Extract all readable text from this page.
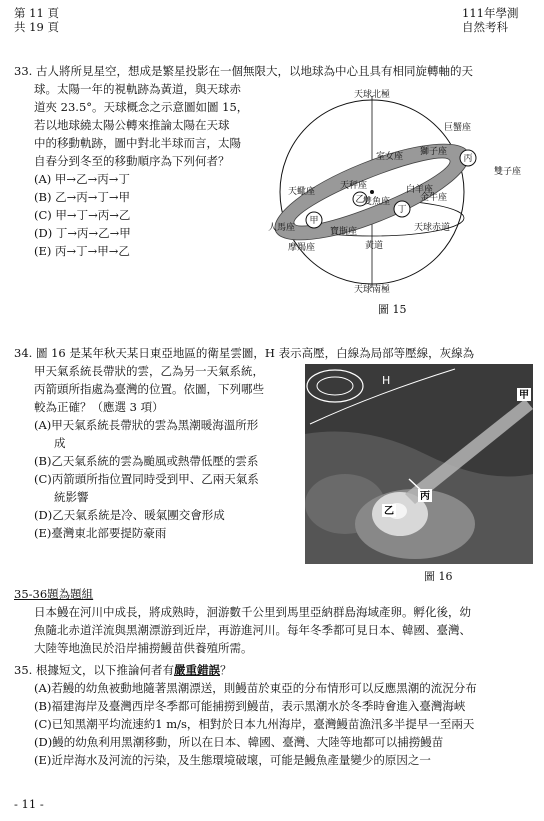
第 11 頁
共 19 頁
111年學測
自然考科
33. 古人將所見星空，想成是繁星投影在一個無限大，以地球為中心且具有相同旋轉軸的天
球。太陽一年的視軌跡為黃道，與天球赤
道夾 23.5°。天球概念之示意圖如圖 15，
若以地球繞太陽公轉來推論太陽在天球
中的移動軌跡，圖中對北半球而言，太陽
自春分到冬至的移動順序為下列何者？
(A) 甲→乙→丙→丁
(B) 乙→丙→丁→甲
(C) 甲→丁→丙→乙
(D) 丁→丙→乙→甲
(E) 丙→丁→甲→乙
天球北極
天球南極
巨蟹座
雙子座
室女座 獅子座
天蠍座
天秤座
雙魚座
白羊座
金牛座
人馬座	寶瓶座
摩羯座	黃道
天球赤道
甲
丙
丁
乙
圖 15
34. 圖 16 是某年秋天某日東亞地區的衛星雲圖，H 表示高壓，白線為局部等壓線，灰線為
甲天氣系統長帶狀的雲，乙為另一天氣系統，
丙箭頭所指處為臺灣的位置。依圖，下列哪些
較為正確？（應選 3 項）
(A)甲天氣系統長帶狀的雲為黑潮暖海溫所形
成
(B)乙天氣系統的雲為颱風或熱帶低壓的雲系
(C)丙箭頭所指位置同時受到甲、乙兩天氣系
統影響
(D)乙天氣系統是冷、暖氣團交會形成
(E)臺灣東北部要提防豪雨
H
甲
丙
乙
圖 16
35-36題為題組
日本鰻在河川中成長，將成熟時，洄游數千公里到馬里亞納群島海域產卵。孵化後，幼
魚隨北赤道洋流與黑潮漂游到近岸，再游進河川。每年冬季都可見日本、韓國、臺灣、
大陸等地漁民於沿岸捕撈鰻苗供養殖所需。
35. 根據短文，以下推論何者有嚴重錯誤？
(A)若鰻的幼魚被動地隨著黑潮漂送，則鰻苗於東亞的分布情形可以反應黑潮的流況分布
(B)福建海岸及臺灣西岸冬季都可能捕撈到鰻苗，表示黑潮水於冬季時會進入臺灣海峽
(C)已知黑潮平均流速約1 m/s，相對於日本九州海岸，臺灣鰻苗漁汛多半提早一至兩天
(D)鰻的幼魚利用黑潮移動，所以在日本、韓國、臺灣、大陸等地都可以捕撈鰻苗
(E)近岸海水及河流的污染，及生態環境破壞，可能是鰻魚產量變少的原因之一
- 11 -
